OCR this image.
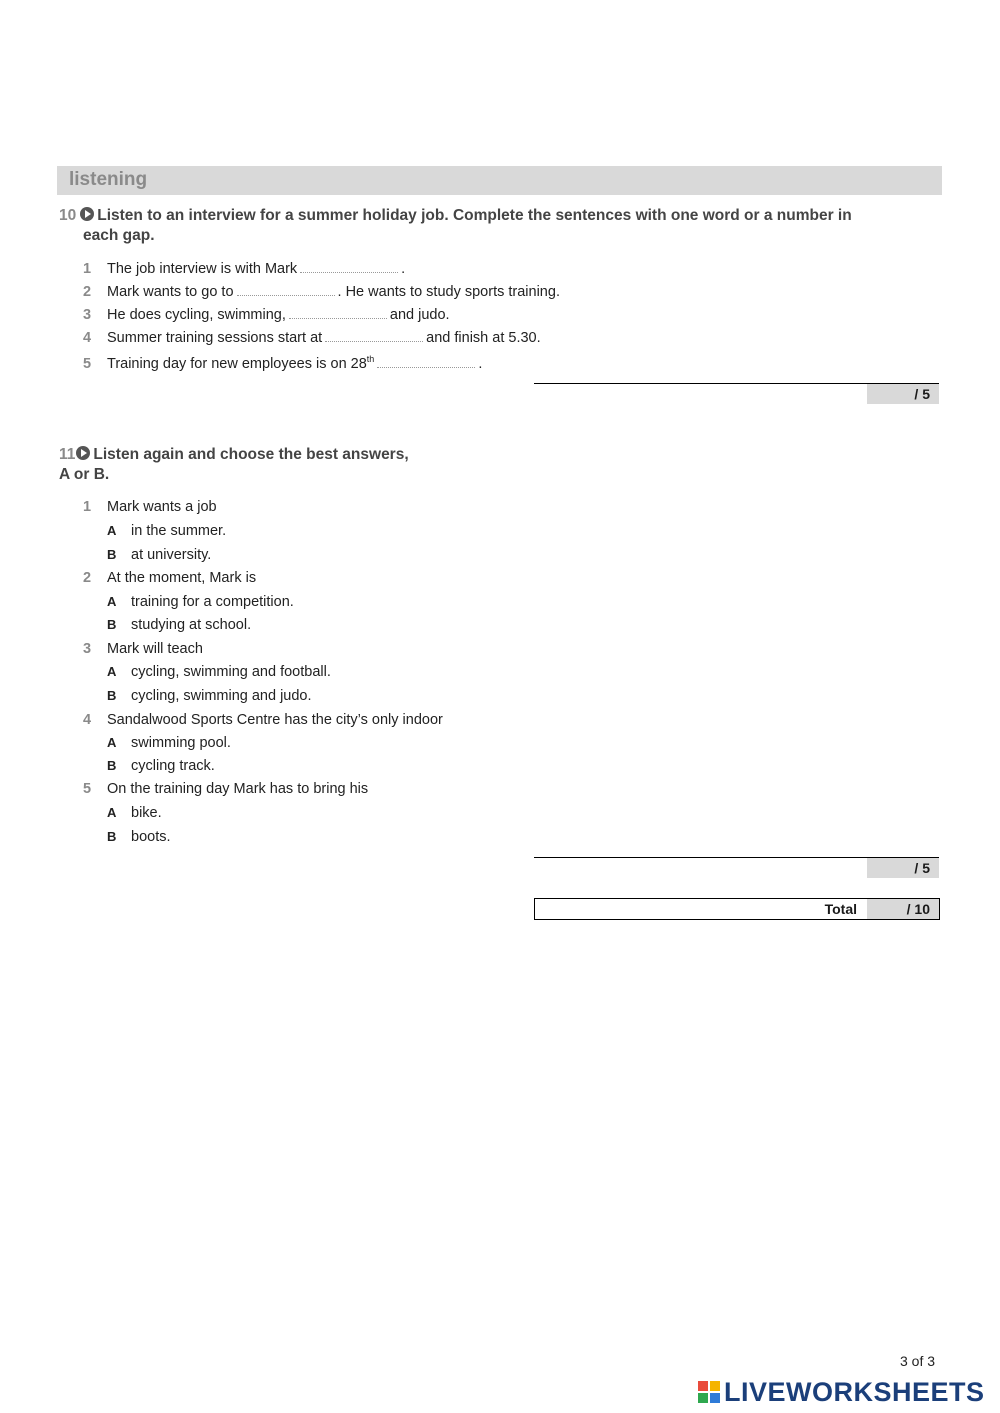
listening
10 Listen to an interview for a summer holiday job. Complete the sentences with one word or a number in
each gap.
1 The job interview is with Mark	.
2 Mark wants to go to	. He wants to study sports training.
3 He does cycling, swimming,	and judo.
4 Summer training sessions start at	and finish at 5.30.
5 Training day for new employees is on 28th	.
/ 5
11 Listen again and choose the best answers,
A or B.
1 Mark wants a job
A in the summer.
B at university.
2 At the moment, Mark is
A training for a competition.
B studying at school.
3 Mark will teach
A cycling, swimming and football.
B cycling, swimming and judo.
4 Sandalwood Sports Centre has the city’s only indoor
A swimming pool.
B cycling track.
5 On the training day Mark has to bring his
A bike.
B boots.
/ 5
Total	/ 10
3 of 3
LIVEWORKSHEETS
